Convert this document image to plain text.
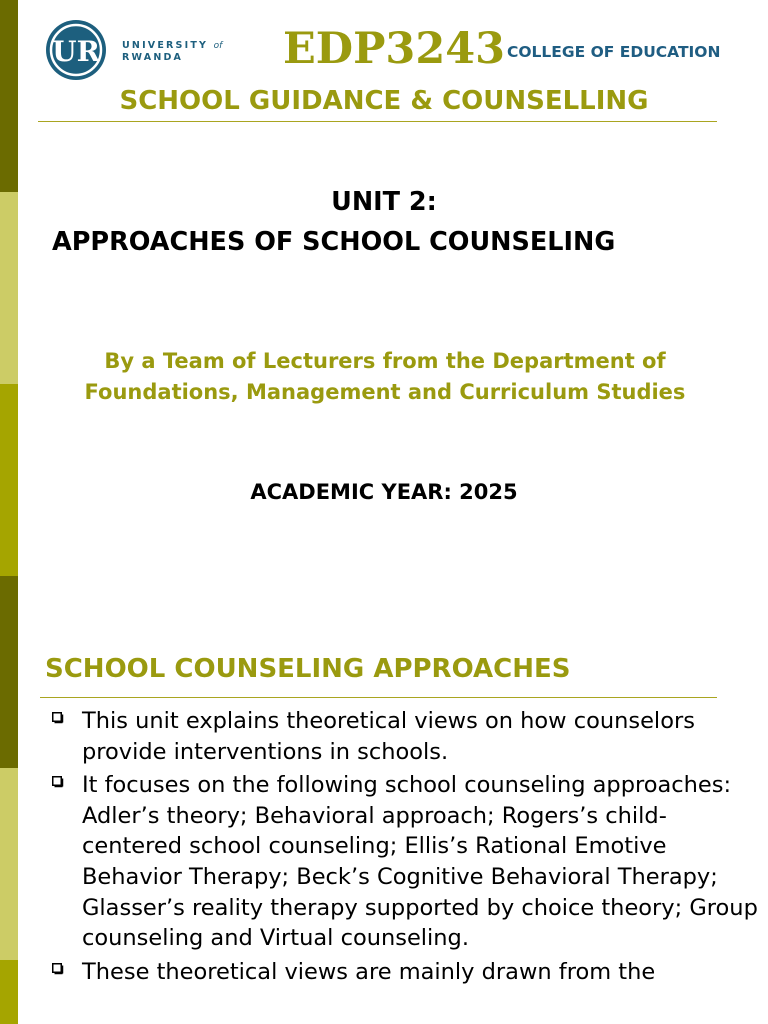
UR UNIVERSITY of
RWANDA	EDP3243 COLLEGE OF EDUCATION
SCHOOL GUIDANCE & COUNSELLING
UNIT 2:
APPROACHES OF SCHOOL COUNSELING
By a Team of Lecturers from the Department of Foundations, Management and Curriculum Studies
ACADEMIC YEAR: 2025
SCHOOL COUNSELING APPROACHES
This unit explains theoretical views on how counselors provide interventions in schools.
It focuses on the following school counseling approaches: Adler’s theory; Behavioral approach; Rogers’s child-centered school counseling; Ellis’s Rational Emotive Behavior Therapy; Beck’s Cognitive Behavioral Therapy; Glasser’s reality therapy supported by choice theory; Group counseling and Virtual counseling.
These theoretical views are mainly drawn from the
